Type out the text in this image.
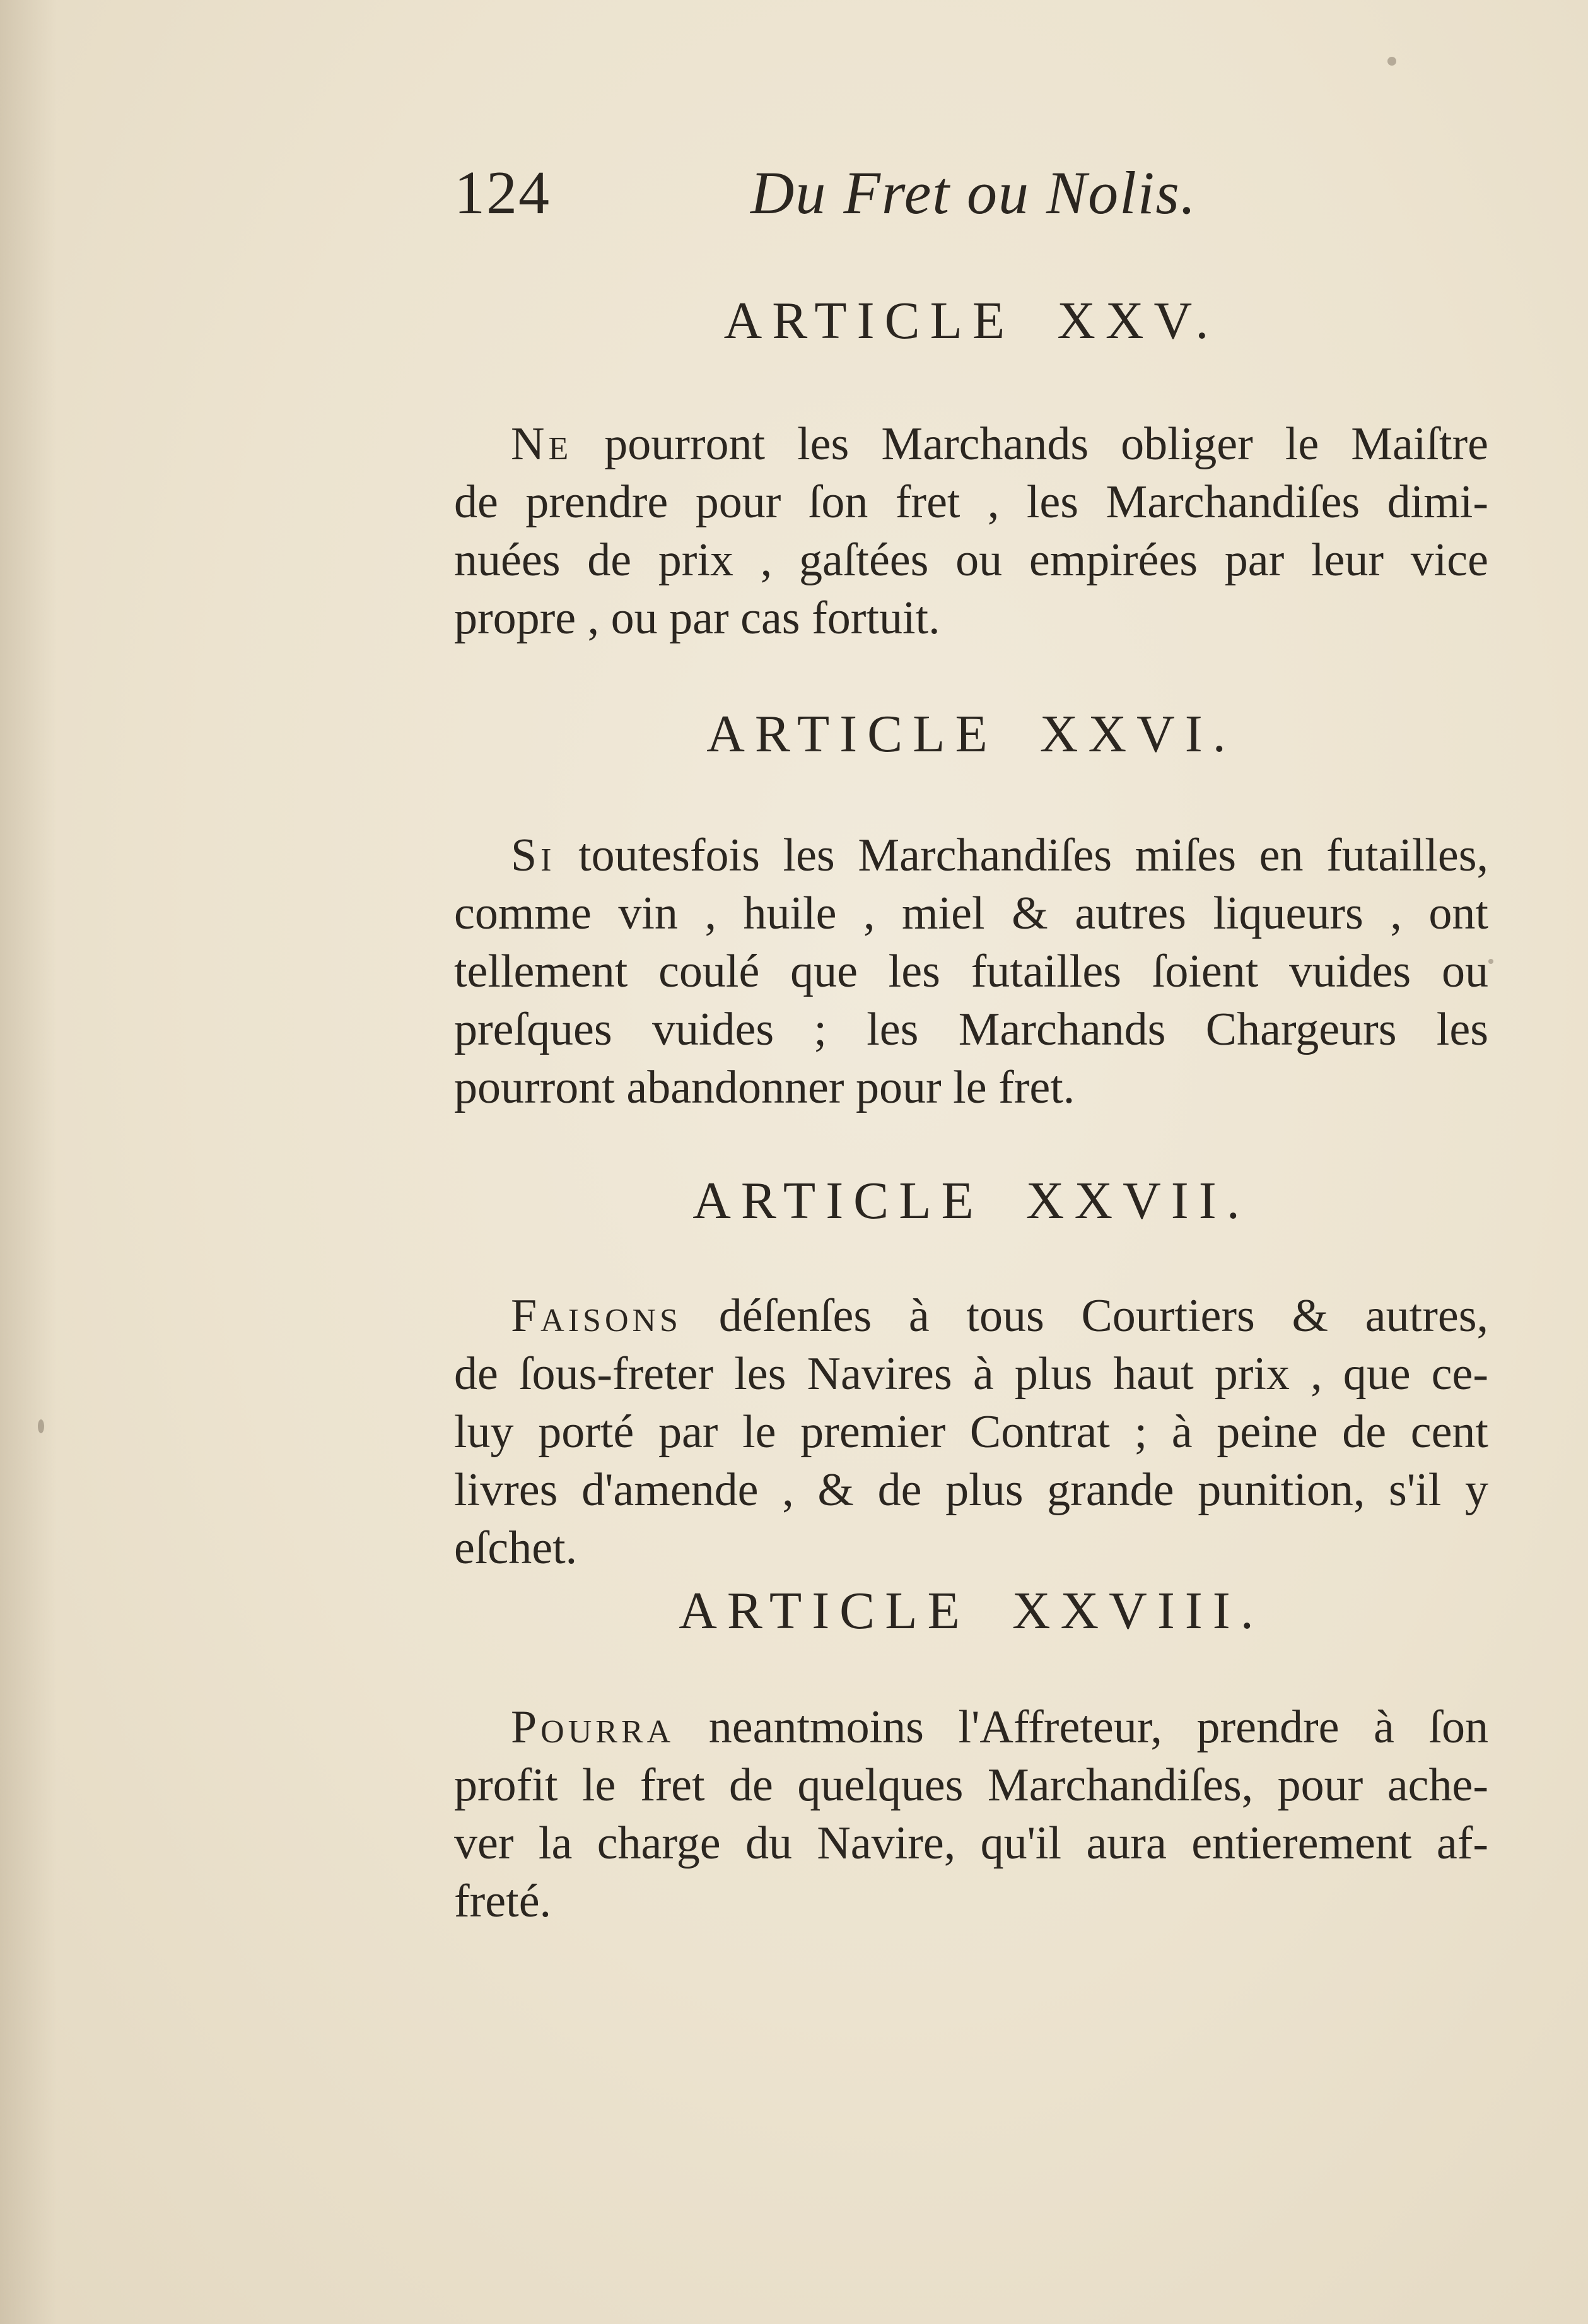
124	Du Fret ou Nolis.
ARTICLE XXV.
Ne pourront les Marchands obliger le Maiſtre
de prendre pour ſon fret , les Marchandiſes dimi-
nuées de prix , gaſtées ou empirées par leur vice
propre , ou par cas fortuit.
ARTICLE XXVI.
Si toutesfois les Marchandiſes miſes en futailles,
comme vin , huile , miel & autres liqueurs , ont
tellement coulé que les futailles ſoient vuides ou
preſques vuides ; les Marchands Chargeurs les
pourront abandonner pour le fret.
ARTICLE XXVII.
Faisons déſenſes à tous Courtiers & autres,
de ſous-freter les Navires à plus haut prix , que ce-
luy porté par le premier Contrat ; à peine de cent
livres d'amende , & de plus grande punition, s'il y
eſchet.
ARTICLE XXVIII.
Pourra neantmoins l'Affreteur, prendre à ſon
profit le fret de quelques Marchandiſes, pour ache-
ver la charge du Navire, qu'il aura entierement af-
freté.
